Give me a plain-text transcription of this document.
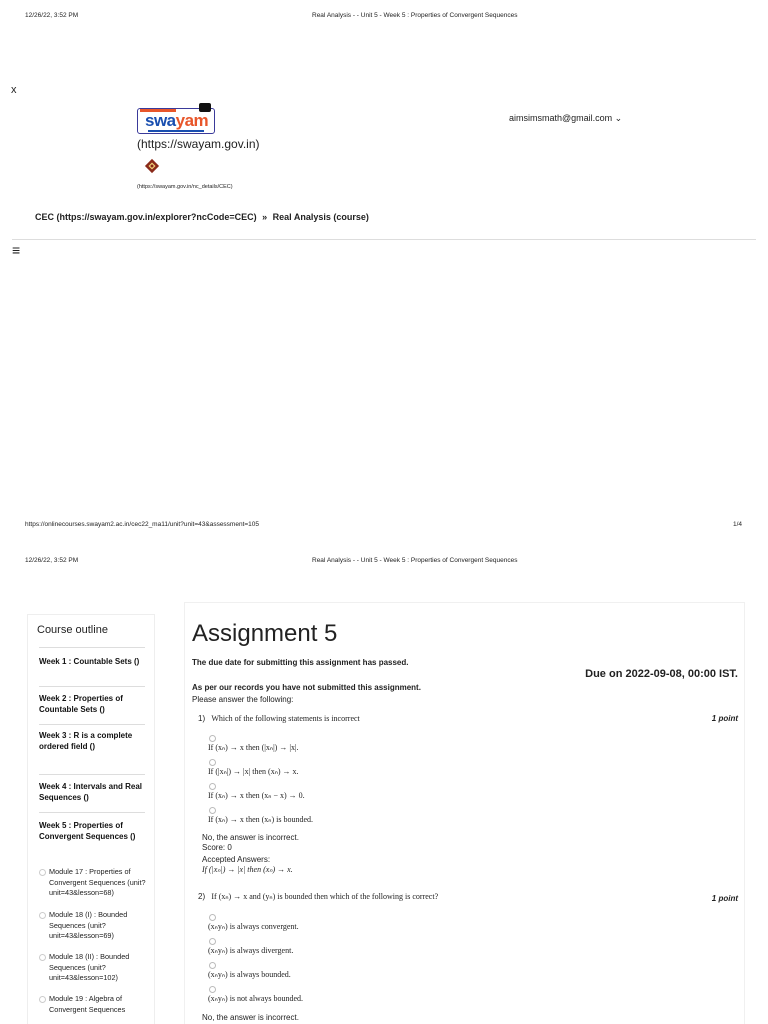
12/26/22, 3:52 PM	Real Analysis - - Unit 5 - Week 5 : Properties of Convergent Sequences
x
swayam
(https://swayam.gov.in)
(https://swayam.gov.in/nc_details/CEC)
aimsimsmath@gmail.com ⌄
CEC (https://swayam.gov.in/explorer?ncCode=CEC) » Real Analysis (course)
≡
https://onlinecourses.swayam2.ac.in/cec22_ma11/unit?unit=43&assessment=105	1/4
12/26/22, 3:52 PM	Real Analysis - - Unit 5 - Week 5 : Properties of Convergent Sequences
Course outline
Week 1 : Countable Sets ()
Week 2 : Properties of Countable Sets ()
Week 3 : R is a complete ordered field ()
Week 4 : Intervals and Real Sequences ()
Week 5 : Properties of Convergent Sequences ()
Module 17 : Properties of Convergent Sequences (unit?unit=43&lesson=68)
Module 18 (I) : Bounded Sequences (unit?unit=43&lesson=69)
Module 18 (II) : Bounded Sequences (unit?unit=43&lesson=102)
Module 19 : Algebra of Convergent Sequences
Assignment 5
The due date for submitting this assignment has passed.
Due on 2022-09-08, 00:00 IST.
As per our records you have not submitted this assignment.
Please answer the following:
1) Which of the following statements is incorrect	1 point
If (xₙ) → x then (|xₙ|) → |x|.
If (|xₙ|) → |x| then (xₙ) → x.
If (xₙ) → x then (xₙ − x) → 0.
If (xₙ) → x then (xₙ) is bounded.
No, the answer is incorrect.
Score: 0
Accepted Answers:
If (|xₙ|) → |x| then (xₙ) → x.
2) If (xₙ) → x and (yₙ) is bounded then which of the following is correct?	1 point
(xₙyₙ) is always convergent.
(xₙyₙ) is always divergent.
(xₙyₙ) is always bounded.
(xₙyₙ) is not always bounded.
No, the answer is incorrect.
